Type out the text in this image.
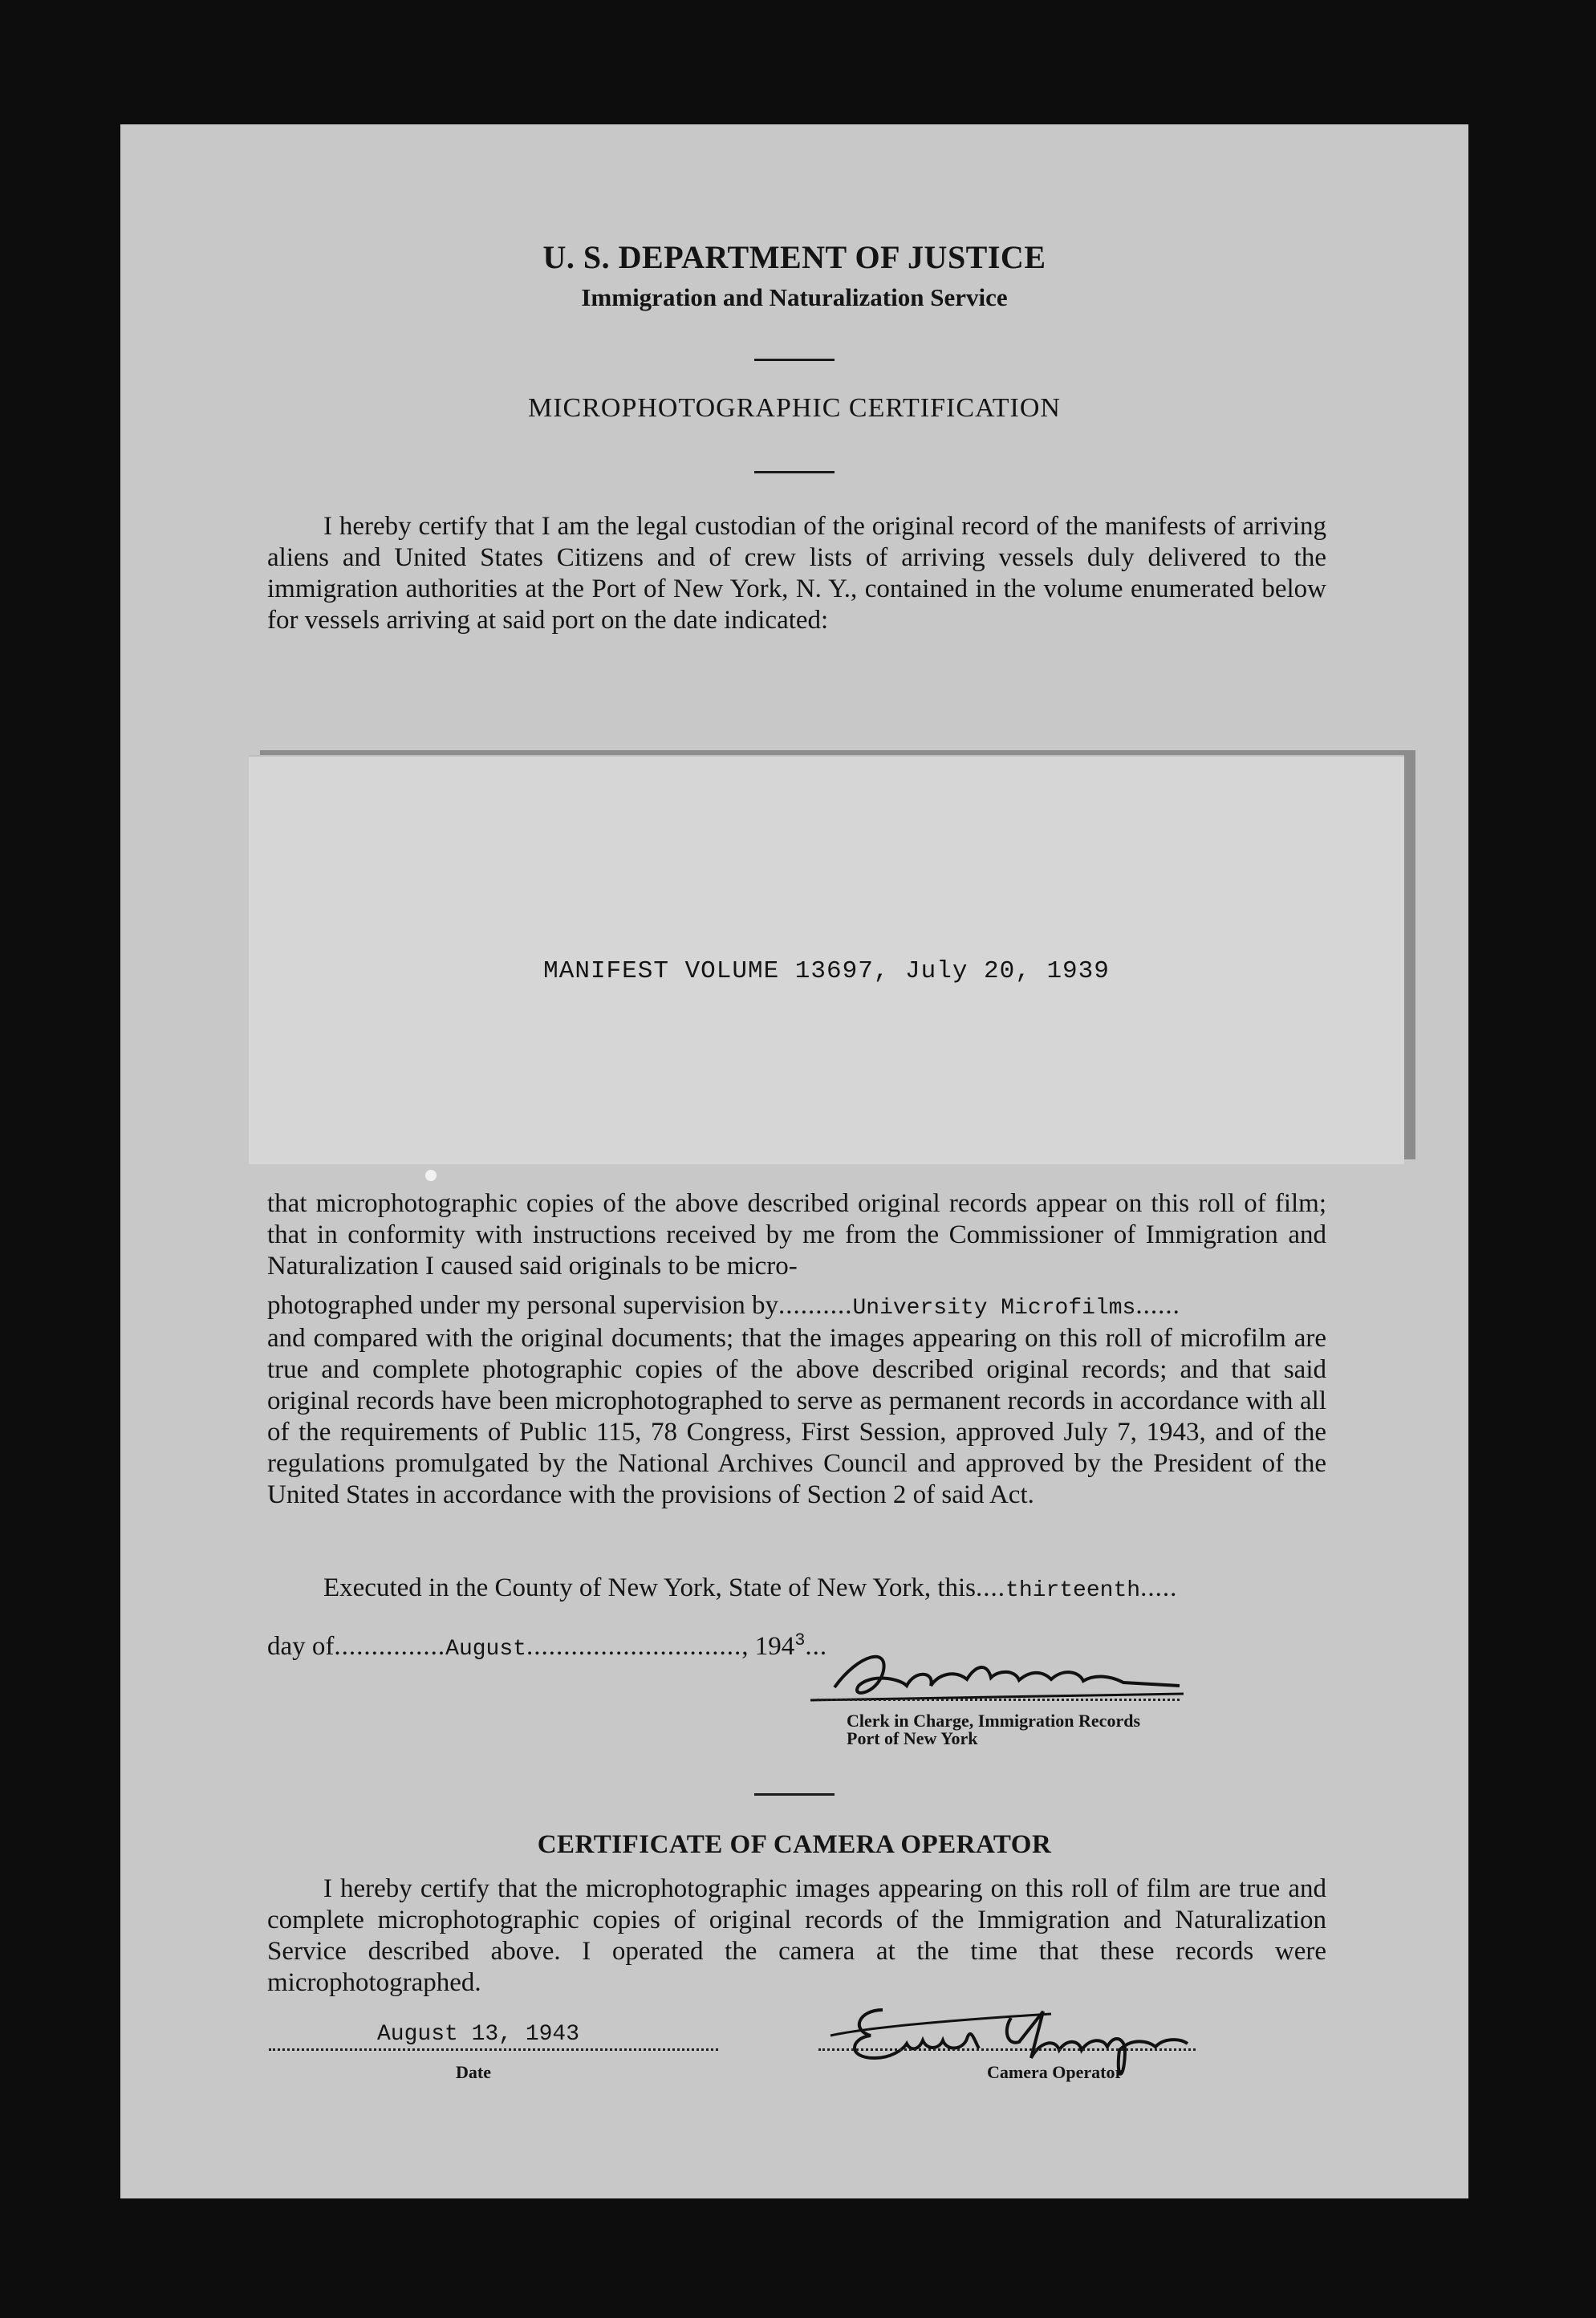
U. S. DEPARTMENT OF JUSTICE
Immigration and Naturalization Service
MICROPHOTOGRAPHIC CERTIFICATION

I hereby certify that I am the legal custodian of the original record of the manifests of arriving aliens and United States Citizens and of crew lists of arriving vessels duly delivered to the immigration authorities at the Port of New York, N. Y., contained in the volume enumerated below for vessels arriving at said port on the date indicated:

MANIFEST VOLUME 13697, July 20, 1939

that microphotographic copies of the above described original records appear on this roll of film; that in conformity with instructions received by me from the Commissioner of Immigration and Naturalization I caused said originals to be micro-

photographed under my personal supervision by..........University Microfilms......

and compared with the original documents; that the images appearing on this roll of microfilm are true and complete photographic copies of the above described original records; and that said original records have been microphotographed to serve as permanent records in accordance with all of the requirements of Public 115, 78 Congress, First Session, approved July 7, 1943, and of the regulations promulgated by the National Archives Council and approved by the President of the United States in accordance with the provisions of Section 2 of said Act.

Executed in the County of New York, State of New York, this....thirteenth.....
day of...............August............................., $194^3$...
Clerk in Charge, Immigration Records
Port of New York
CERTIFICATE OF CAMERA OPERATOR

I hereby certify that the microphotographic images appearing on this roll of film are true and complete microphotographic copies of original records of the Immigration and Naturalization Service described above. I operated the camera at the time that these records were microphotographed.

August 13, 1943
Date	Camera Operator
